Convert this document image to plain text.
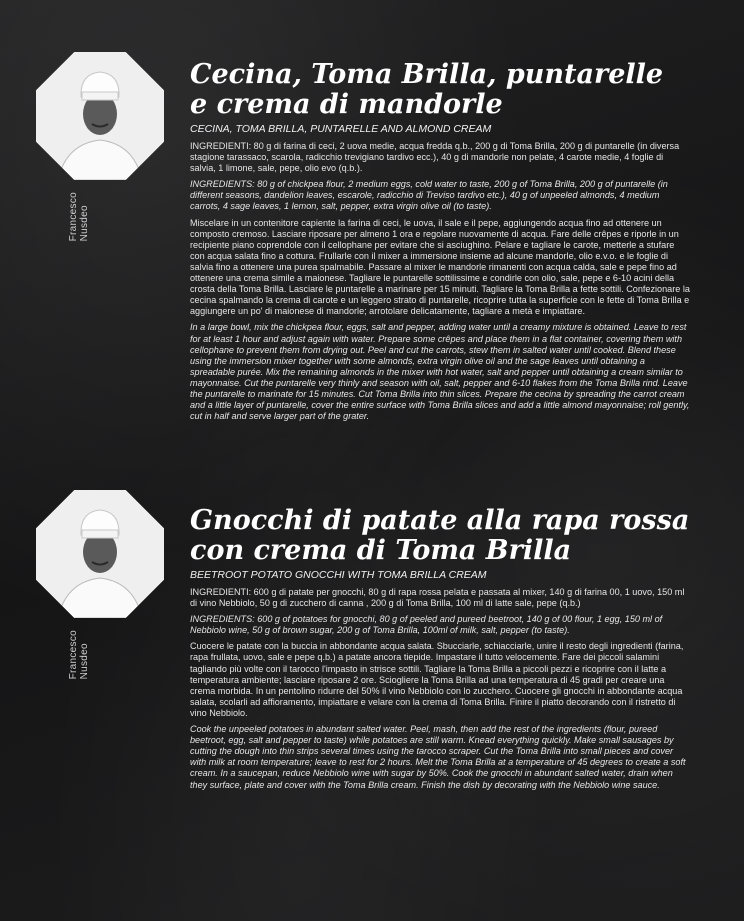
Francesco Nusdeo
Cecina, Toma Brilla, puntarelle
e crema di mandorle
CECINA, TOMA BRILLA, PUNTARELLE AND ALMOND CREAM

INGREDIENTI: 80 g di farina di ceci, 2 uova medie, acqua fredda q.b., 200 g di Toma Brilla, 200 g di puntarelle (in diversa stagione tarassaco, scarola, radicchio trevigiano tardivo ecc.), 40 g di mandorle non pelate, 4 carote medie, 4 foglie di salvia, 1 limone, sale, pepe, olio evo (q.b.).

INGREDIENTS: 80 g of chickpea flour, 2 medium eggs, cold water to taste, 200 g of Toma Brilla, 200 g of puntarelle (in different seasons, dandelion leaves, escarole, radicchio di Treviso tardivo etc.), 40 g of unpeeled almonds, 4 medium carrots, 4 sage leaves, 1 lemon, salt, pepper, extra virgin olive oil (to taste).

Miscelare in un contenitore capiente la farina di ceci, le uova, il sale e il pepe, aggiungendo acqua fino ad ottenere un composto cremoso. Lasciare riposare per almeno 1 ora e regolare nuovamente di acqua. Fare delle crêpes e riporle in un recipiente piano coprendole con il cellophane per evitare che si asciughino. Pelare e tagliare le carote, metterle a stufare con acqua salata fino a cottura. Frullarle con il mixer a immersione insieme ad alcune mandorle, olio e.v.o. e le foglie di salvia fino a ottenere una purea spalmabile. Passare al mixer le mandorle rimanenti con acqua calda, sale e pepe fino ad ottenere una crema simile a maionese. Tagliare le puntarelle sottilissime e condirle con olio, sale, pepe e 6-10 acini della crosta della Toma Brilla. Lasciare le puntarelle a marinare per 15 minuti. Tagliare la Toma Brilla a fette sottili. Confezionare la cecina spalmando la crema di carote e un leggero strato di puntarelle, ricoprire tutta la superficie con le fette di Toma Brilla e aggiungere un po' di maionese di mandorle; arrotolare delicatamente, tagliare a metà e impiattare.

In a large bowl, mix the chickpea flour, eggs, salt and pepper, adding water until a creamy mixture is obtained. Leave to rest for at least 1 hour and adjust again with water. Prepare some crêpes and place them in a flat container, covering them with cellophane to prevent them from drying out. Peel and cut the carrots, stew them in salted water until cooked. Blend these using the immersion mixer together with some almonds, extra virgin olive oil and the sage leaves until obtaining a spreadable purée. Mix the remaining almonds in the mixer with hot water, salt and pepper until obtaining a cream similar to mayonnaise. Cut the puntarelle very thinly and season with oil, salt, pepper and 6-10 flakes from the Toma Brilla rind. Leave the puntarelle to marinate for 15 minutes. Cut Toma Brilla into thin slices. Prepare the cecina by spreading the carrot cream and a little layer of puntarelle, cover the entire surface with Toma Brilla slices and add a little almond mayonnaise; roll gently, cut in half and serve larger part of the grater.

Francesco Nusdeo
Gnocchi di patate alla rapa rossa
con crema di Toma Brilla
BEETROOT POTATO GNOCCHI WITH TOMA BRILLA CREAM

INGREDIENTI: 600 g di patate per gnocchi, 80 g di rapa rossa pelata e passata al mixer, 140 g di farina 00, 1 uovo, 150 ml di vino Nebbiolo, 50 g di zucchero di canna , 200 g di Toma Brilla, 100 ml di latte sale, pepe (q.b.)

INGREDIENTS: 600 g of potatoes for gnocchi, 80 g of peeled and pureed beetroot, 140 g of 00 flour, 1 egg, 150 ml of Nebbiolo wine, 50 g of brown sugar, 200 g of Toma Brilla, 100ml of milk, salt, pepper (to taste).

Cuocere le patate con la buccia in abbondante acqua salata. Sbucciarle, schiacciarle, unire il resto degli ingredienti (farina, rapa frullata, uovo, sale e pepe q.b.) a patate ancora tiepide. Impastare il tutto velocemente. Fare dei piccoli salamini tagliando più volte con il tarocco l'impasto in strisce sottili. Tagliare la Toma Brilla a piccoli pezzi e ricoprire con il latte a temperatura ambiente; lasciare riposare 2 ore. Sciogliere la Toma Brilla ad una temperatura di 45 gradi per creare una crema morbida. In un pentolino ridurre del 50% il vino Nebbiolo con lo zucchero. Cuocere gli gnocchi in abbondante acqua salata, scolarli ad affioramento, impiattare e velare con la crema di Toma Brilla. Finire il piatto decorando con il ristretto di vino Nebbiolo.

Cook the unpeeled potatoes in abundant salted water. Peel, mash, then add the rest of the ingredients (flour, pureed beetroot, egg, salt and pepper to taste) while potatoes are still warm. Knead everything quickly. Make small sausages by cutting the dough into thin strips several times using the tarocco scraper. Cut the Toma Brilla into small pieces and cover with milk at room temperature; leave to rest for 2 hours. Melt the Toma Brilla at a temperature of 45 degrees to create a soft cream. In a saucepan, reduce Nebbiolo wine with sugar by 50%. Cook the gnocchi in abundant salted water, drain when they surface, plate and cover with the Toma Brilla cream. Finish the dish by decorating with the Nebbiolo wine sauce.
